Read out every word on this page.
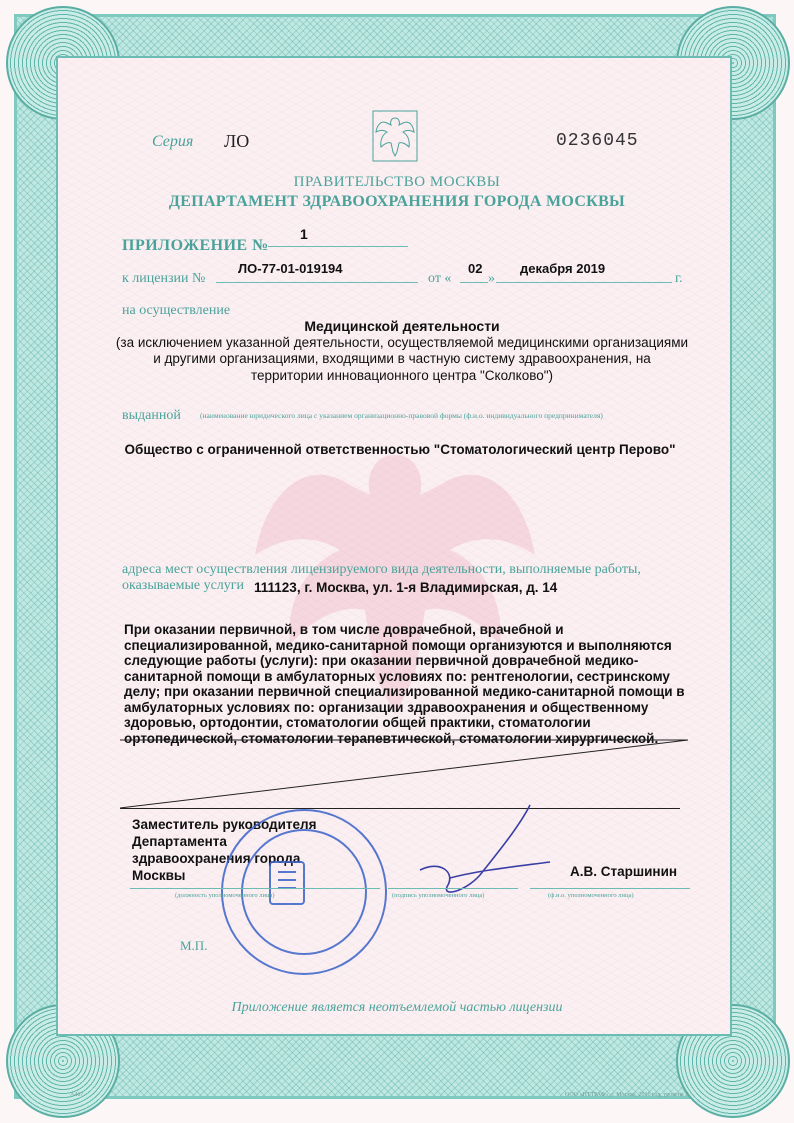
Серия ЛО	0236045
ПРАВИТЕЛЬСТВО МОСКВЫ
ДЕПАРТАМЕНТ ЗДРАВООХРАНЕНИЯ ГОРОДА МОСКВЫ
ПРИЛОЖЕНИЕ №
1
к лицензии №
ЛО-77-01-019194
от «
02
»
декабря 2019
г.
на осуществление
Медицинской деятельности
(за исключением указанной деятельности, осуществляемой медицинскими организациями
и другими организациями, входящими в частную систему здравоохранения, на
территории инновационного центра "Сколково")
выданной	(наименование юридического лица с указанием организационно-правовой формы (ф.и.о. индивидуального предпринимателя)
Общество с ограниченной ответственностью "Стоматологический центр Перово"
адреса мест осуществления лицензируемого вида деятельности, выполняемые работы,
оказываемые услуги 111123, г. Москва, ул. 1-я Владимирская, д. 14
При оказании первичной, в том числе доврачебной, врачебной и
специализированной, медико-санитарной помощи организуются и выполняются
следующие работы (услуги): при оказании первичной доврачебной медико-
санитарной помощи в амбулаторных условиях по: рентгенологии, сестринскому
делу; при оказании первичной специализированной медико-санитарной помощи в
амбулаторных условиях по: организации здравоохранения и общественному
здоровью, ортодонтии, стоматологии общей практики, стоматологии
ортопедической, стоматологии терапевтической, стоматологии хирургической.
Заместитель руководителя
Департамента
здравоохранения города
Москвы	А.В. Старшинин
(должность уполномоченного лица)	(подпись уполномоченного лица)	(ф.и.о. уполномоченного лица)
М.П.
Приложение является неотъемлемой частью лицензии
А467	ООО «НТТРАФ», г. Москва, 2016 год, уровень Б
